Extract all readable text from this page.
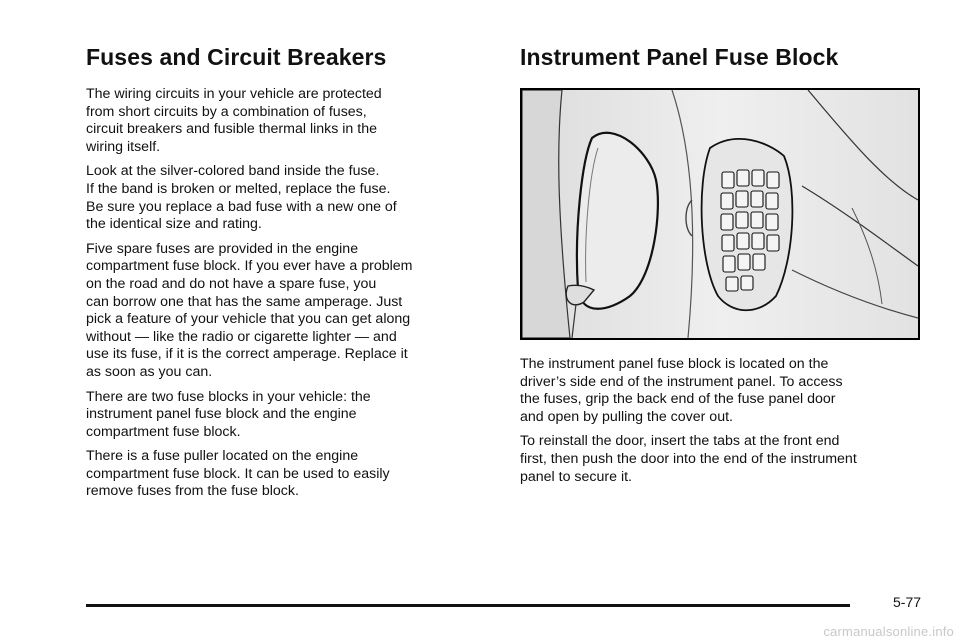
Fuses and Circuit Breakers
The wiring circuits in your vehicle are protected
from short circuits by a combination of fuses,
circuit breakers and fusible thermal links in the
wiring itself.
Look at the silver-colored band inside the fuse.
If the band is broken or melted, replace the fuse.
Be sure you replace a bad fuse with a new one of
the identical size and rating.
Five spare fuses are provided in the engine
compartment fuse block. If you ever have a problem
on the road and do not have a spare fuse, you
can borrow one that has the same amperage. Just
pick a feature of your vehicle that you can get along
without — like the radio or cigarette lighter — and
use its fuse, if it is the correct amperage. Replace it
as soon as you can.
There are two fuse blocks in your vehicle: the
instrument panel fuse block and the engine
compartment fuse block.
There is a fuse puller located on the engine
compartment fuse block. It can be used to easily
remove fuses from the fuse block.
Instrument Panel Fuse Block
The instrument panel fuse block is located on the
driver’s side end of the instrument panel. To access
the fuses, grip the back end of the fuse panel door
and open by pulling the cover out.
To reinstall the door, insert the tabs at the front end
first, then push the door into the end of the instrument
panel to secure it.
5-77
carmanualsonline.info
